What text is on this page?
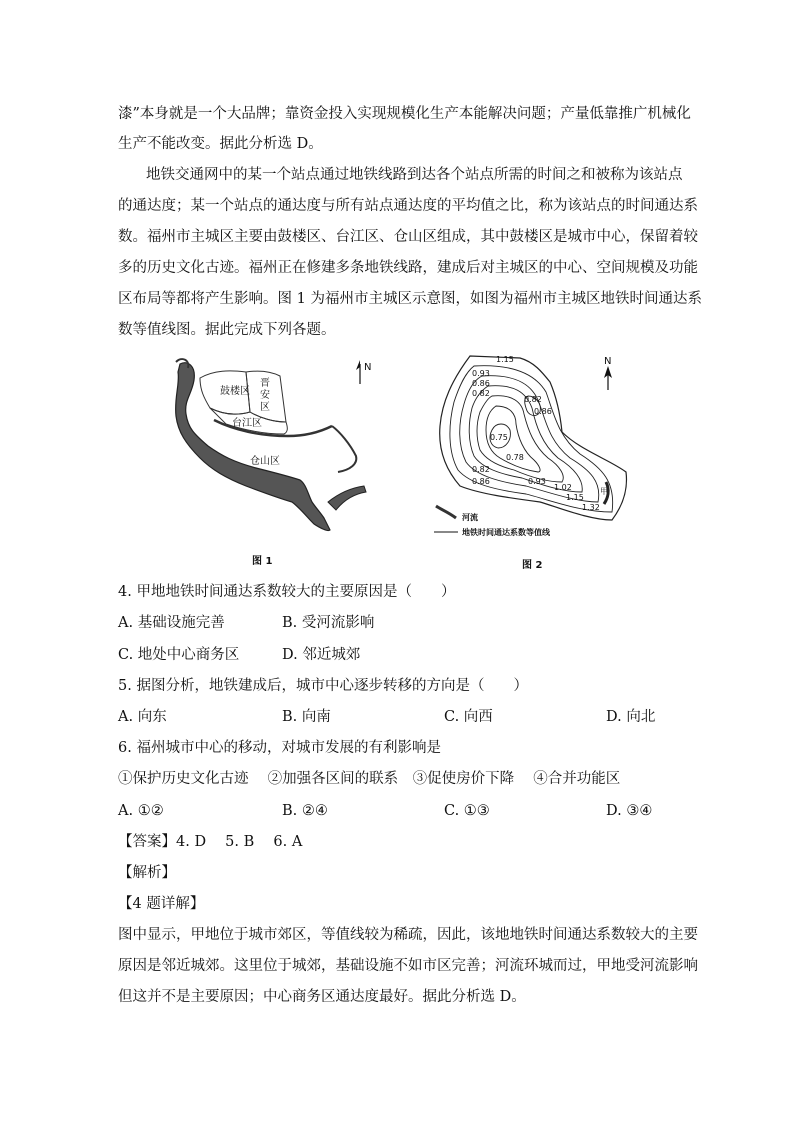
漆”本身就是一个大品牌；靠资金投入实现规模化生产本能解决问题；产量低靠推广机械化
生产不能改变。据此分析选 D。
地铁交通网中的某一个站点通过地铁线路到达各个站点所需的时间之和被称为该站点
的通达度；某一个站点的通达度与所有站点通达度的平均值之比，称为该站点的时间通达系
数。福州市主城区主要由鼓楼区、台江区、仓山区组成，其中鼓楼区是城市中心，保留着较
多的历史文化古迹。福州正在修建多条地铁线路，建成后对主城区的中心、空间规模及功能
区布局等都将产生影响。图 1 为福州市主城区示意图，如图为福州市主城区地铁时间通达系
数等值线图。据此完成下列各题。
鼓楼区
晋
安
区
台江区
仓山区
N
图 1
1.15
0.93
0.86
0.82
0.82
0.86
0.75
0.78
0.82
0.86	0.93
1.02
1.15
1.32
甲
N
河流
地铁时间通达系数等值线
图 2
4. 甲地地铁时间通达系数较大的主要原因是（　　）
A. 基础设施完善	B. 受河流影响
C. 地处中心商务区	D. 邻近城郊
5. 据图分析，地铁建成后，城市中心逐步转移的方向是（　　）
A. 向东	B. 向南	C. 向西	D. 向北
6. 福州城市中心的移动，对城市发展的有利影响是
①保护历史文化古迹　 ②加强各区间的联系　③促使房价下降　 ④合并功能区
A. ①②	B. ②④	C. ①③	D. ③④
【答案】4. D　 5. B　 6. A
【解析】
【4 题详解】
图中显示，甲地位于城市郊区，等值线较为稀疏，因此，该地地铁时间通达系数较大的主要
原因是邻近城郊。这里位于城郊，基础设施不如市区完善；河流环城而过，甲地受河流影响
但这并不是主要原因；中心商务区通达度最好。据此分析选 D。
